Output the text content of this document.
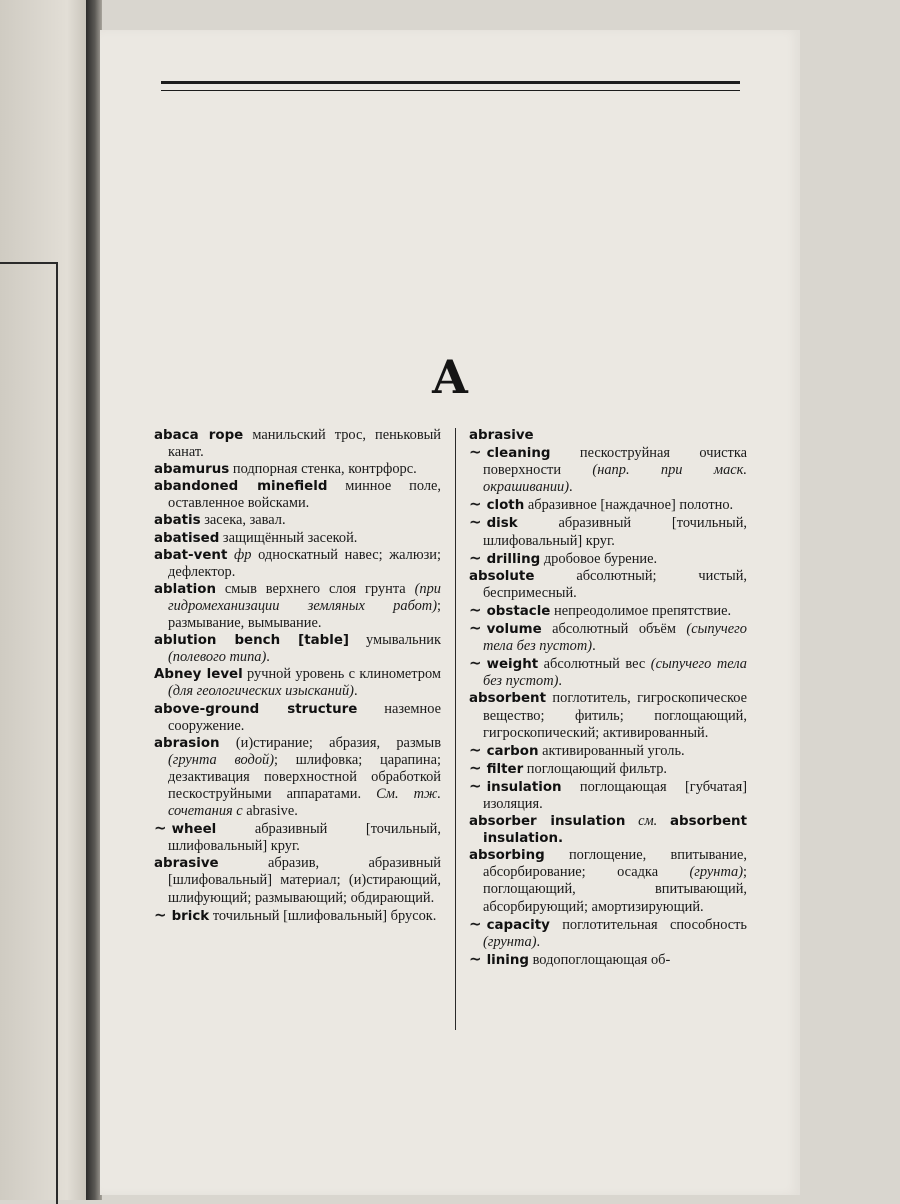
A

abaca rope манильский трос, пеньковый канат.

abamurus подпорная стенка, контрфорс.

abandoned minefield минное поле, оставленное войсками.

abatis засека, завал.

abatised защищённый засекой.

abat-vent фр односкатный навес; жалюзи; дефлектор.

ablation смыв верхнего слоя грунта (при гидромеханизации земляных работ); размывание, вымывание.

ablution bench [table] умывальник (полевого типа).

Abney level ручной уровень с клинометром (для геологических изысканий).

above-ground structure наземное сооружение.

abrasion (и)стирание; абразия, размыв (грунта водой); шлифовка; царапина; дезактивация поверхностной обработкой пескоструйными аппаратами. См. тж. сочетания с abrasive.

~ wheel	абразивный [точильный, шлифовальный] круг.

abrasive	абразив, абразивный [шлифовальный] материал; (и)стирающий, шлифующий; размывающий; обдирающий.

~ brick точильный [шлифовальный] брусок.

abrasive

~ cleaning пескоструйная очистка поверхности (напр. при маск. окрашивании).

~ cloth абразивное [наждачное] полотно.

~ disk	абразивный [точильный, шлифовальный] круг.

~ drilling дробовое бурение.

absolute	абсолютный; чистый, беспримесный.

~ obstacle непреодолимое препятствие.

~ volume абсолютный объём (сыпучего тела без пустот).

~ weight абсолютный вес (сыпучего тела без пустот).

absorbent поглотитель, гигроскопическое вещество; фитиль; поглощающий, гигроскопический; активированный.

~ carbon активированный уголь.

~ filter поглощающий фильтр.

~ insulation поглощающая [губчатая] изоляция.

absorber insulation см. absorbent insulation.

absorbing поглощение, впитывание, абсорбирование; осадка (грунта); поглощающий, впитывающий, абсорбирующий; амортизирующий.

~ capacity поглотительная способность (грунта).

~ lining водопоглощающая об-
